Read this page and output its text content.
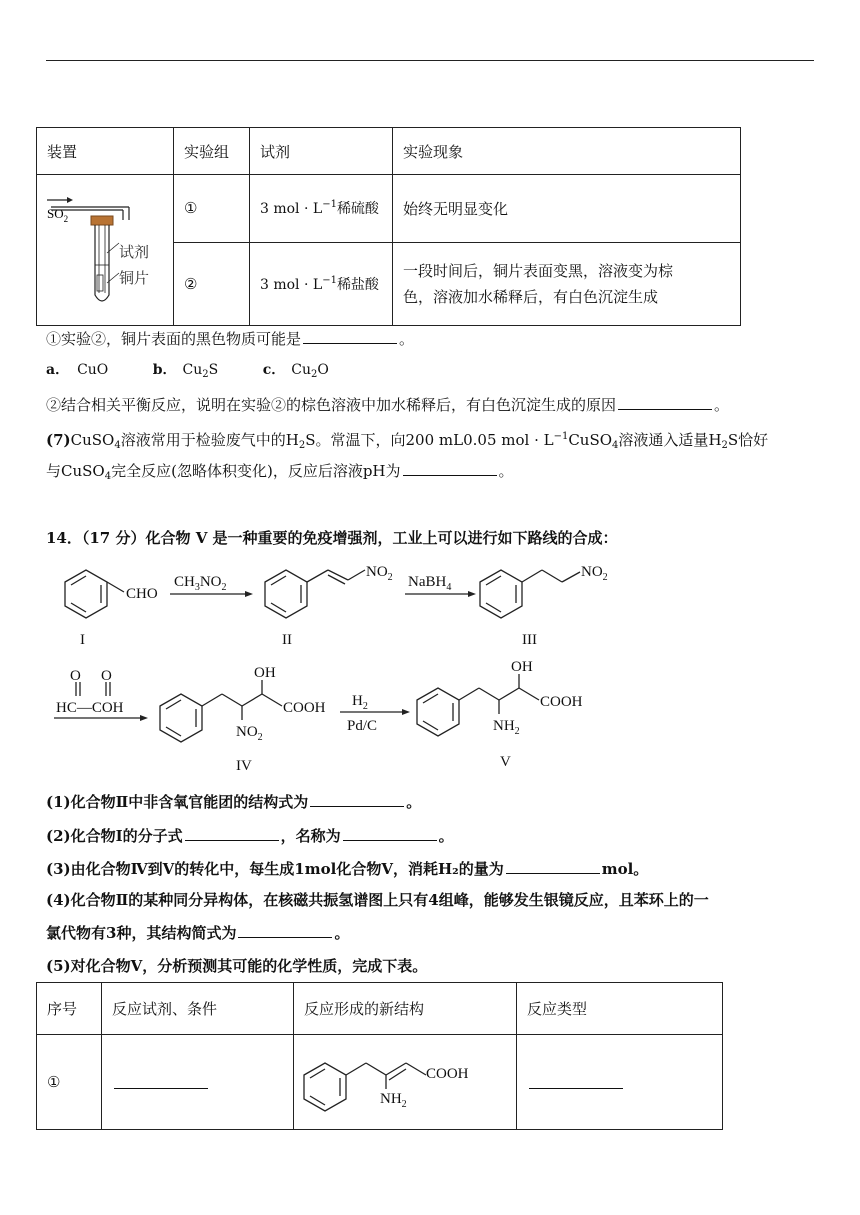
装置	实验组	试剂	实验现象

$SO_2$
试剂
铜片	①	3 mol · $L^{-1}$稀硫酸	始终无明显变化
	②	3 mol · $L^{-1}$稀盐酸	一段时间后，铜片表面变黑，溶液变为棕
色，溶液加水稀释后，有白色沉淀生成
①实验②，铜片表面的黑色物质可能是	。
a． CuO	b． $Cu_2S$	c． $Cu_2O$
②结合相关平衡反应，说明在实验②的棕色溶液中加水稀释后，有白色沉淀生成的原因	。
(7)CuSO$_4$溶液常用于检验废气中的$H_2S$。常温下，向200 mL0.05 mol · $L^{-1}CuSO_4$溶液通入适量$H_2S$恰好
与CuSO$_4$完全反应(忽略体积变化)，反应后溶液pH为	。
14．（17 分）化合物 V 是一种重要的免疫增强剂，工业上可以进行如下路线的合成：
CHO
I
$CH_3NO_2$
$NO_2$
II
NaBH$_4$
$NO_2$
III
O O
HC—COH
OH
COOH
$NO_2$
IV
$H_2$
Pd/C
OH
COOH
$NH_2$
V
(1)化合物Ⅱ中非含氧官能团的结构式为	。
(2)化合物Ⅰ的分子式	，名称为	。
(3)由化合物Ⅳ到Ⅴ的转化中，每生成1mol化合物Ⅴ，消耗H₂的量为	mol。
(4)化合物Ⅱ的某种同分异构体，在核磁共振氢谱图上只有4组峰，能够发生银镜反应，且苯环上的一
氯代物有3种，其结构简式为	。
(5)对化合物Ⅴ，分析预测其可能的化学性质，完成下表。
序号	反应试剂、条件	反应形成的新结构	反应类型
①		COOH
$NH_2$
